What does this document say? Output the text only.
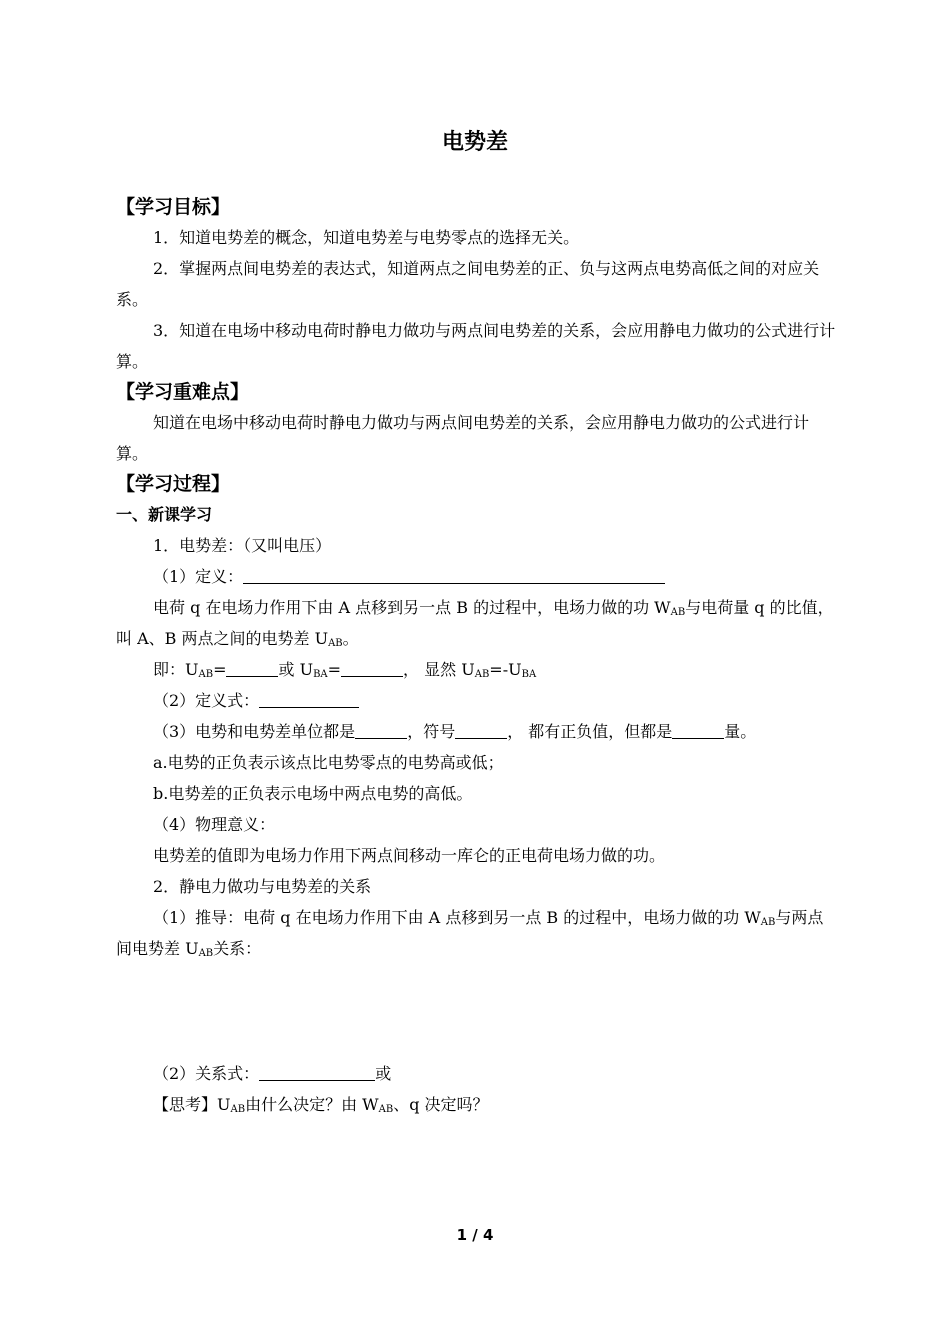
电势差
【学习目标】

1．知道电势差的概念，知道电势差与电势零点的选择无关。

2．掌握两点间电势差的表达式，知道两点之间电势差的正、负与这两点电势高低之间的对应关系。

3．知道在电场中移动电荷时静电力做功与两点间电势差的关系，会应用静电力做功的公式进行计算。

【学习重难点】

知道在电场中移动电荷时静电力做功与两点间电势差的关系，会应用静电力做功的公式进行计算。

【学习过程】
一、新课学习

1．电势差：（又叫电压）

（1）定义：

电荷 q 在电场力作用下由 A 点移到另一点 B 的过程中，电场力做的功 $W_{AB}$与电荷量 q 的比值，叫 A、B 两点之间的电势差 $U_{AB}$。

即：$U_{AB}=$	或 $U_{BA}=$	， 显然 $U_{AB}=-U_{BA}$

（2）定义式：

（3）电势和电势差单位都是	，符号	， 都有正负值，但都是	量。

a.电势的正负表示该点比电势零点的电势高或低；

b.电势差的正负表示电场中两点电势的高低。

（4）物理意义：

电势差的值即为电场力作用下两点间移动一库仑的正电荷电场力做的功。

2．静电力做功与电势差的关系

（1）推导：电荷 q 在电场力作用下由 A 点移到另一点 B 的过程中，电场力做的功 $W_{AB}$与两点间电势差 $U_{AB}$关系：

（2）关系式：	或

【思考】$U_{AB}$由什么决定？由 $W_{AB}$、q 决定吗？

1 / 4
